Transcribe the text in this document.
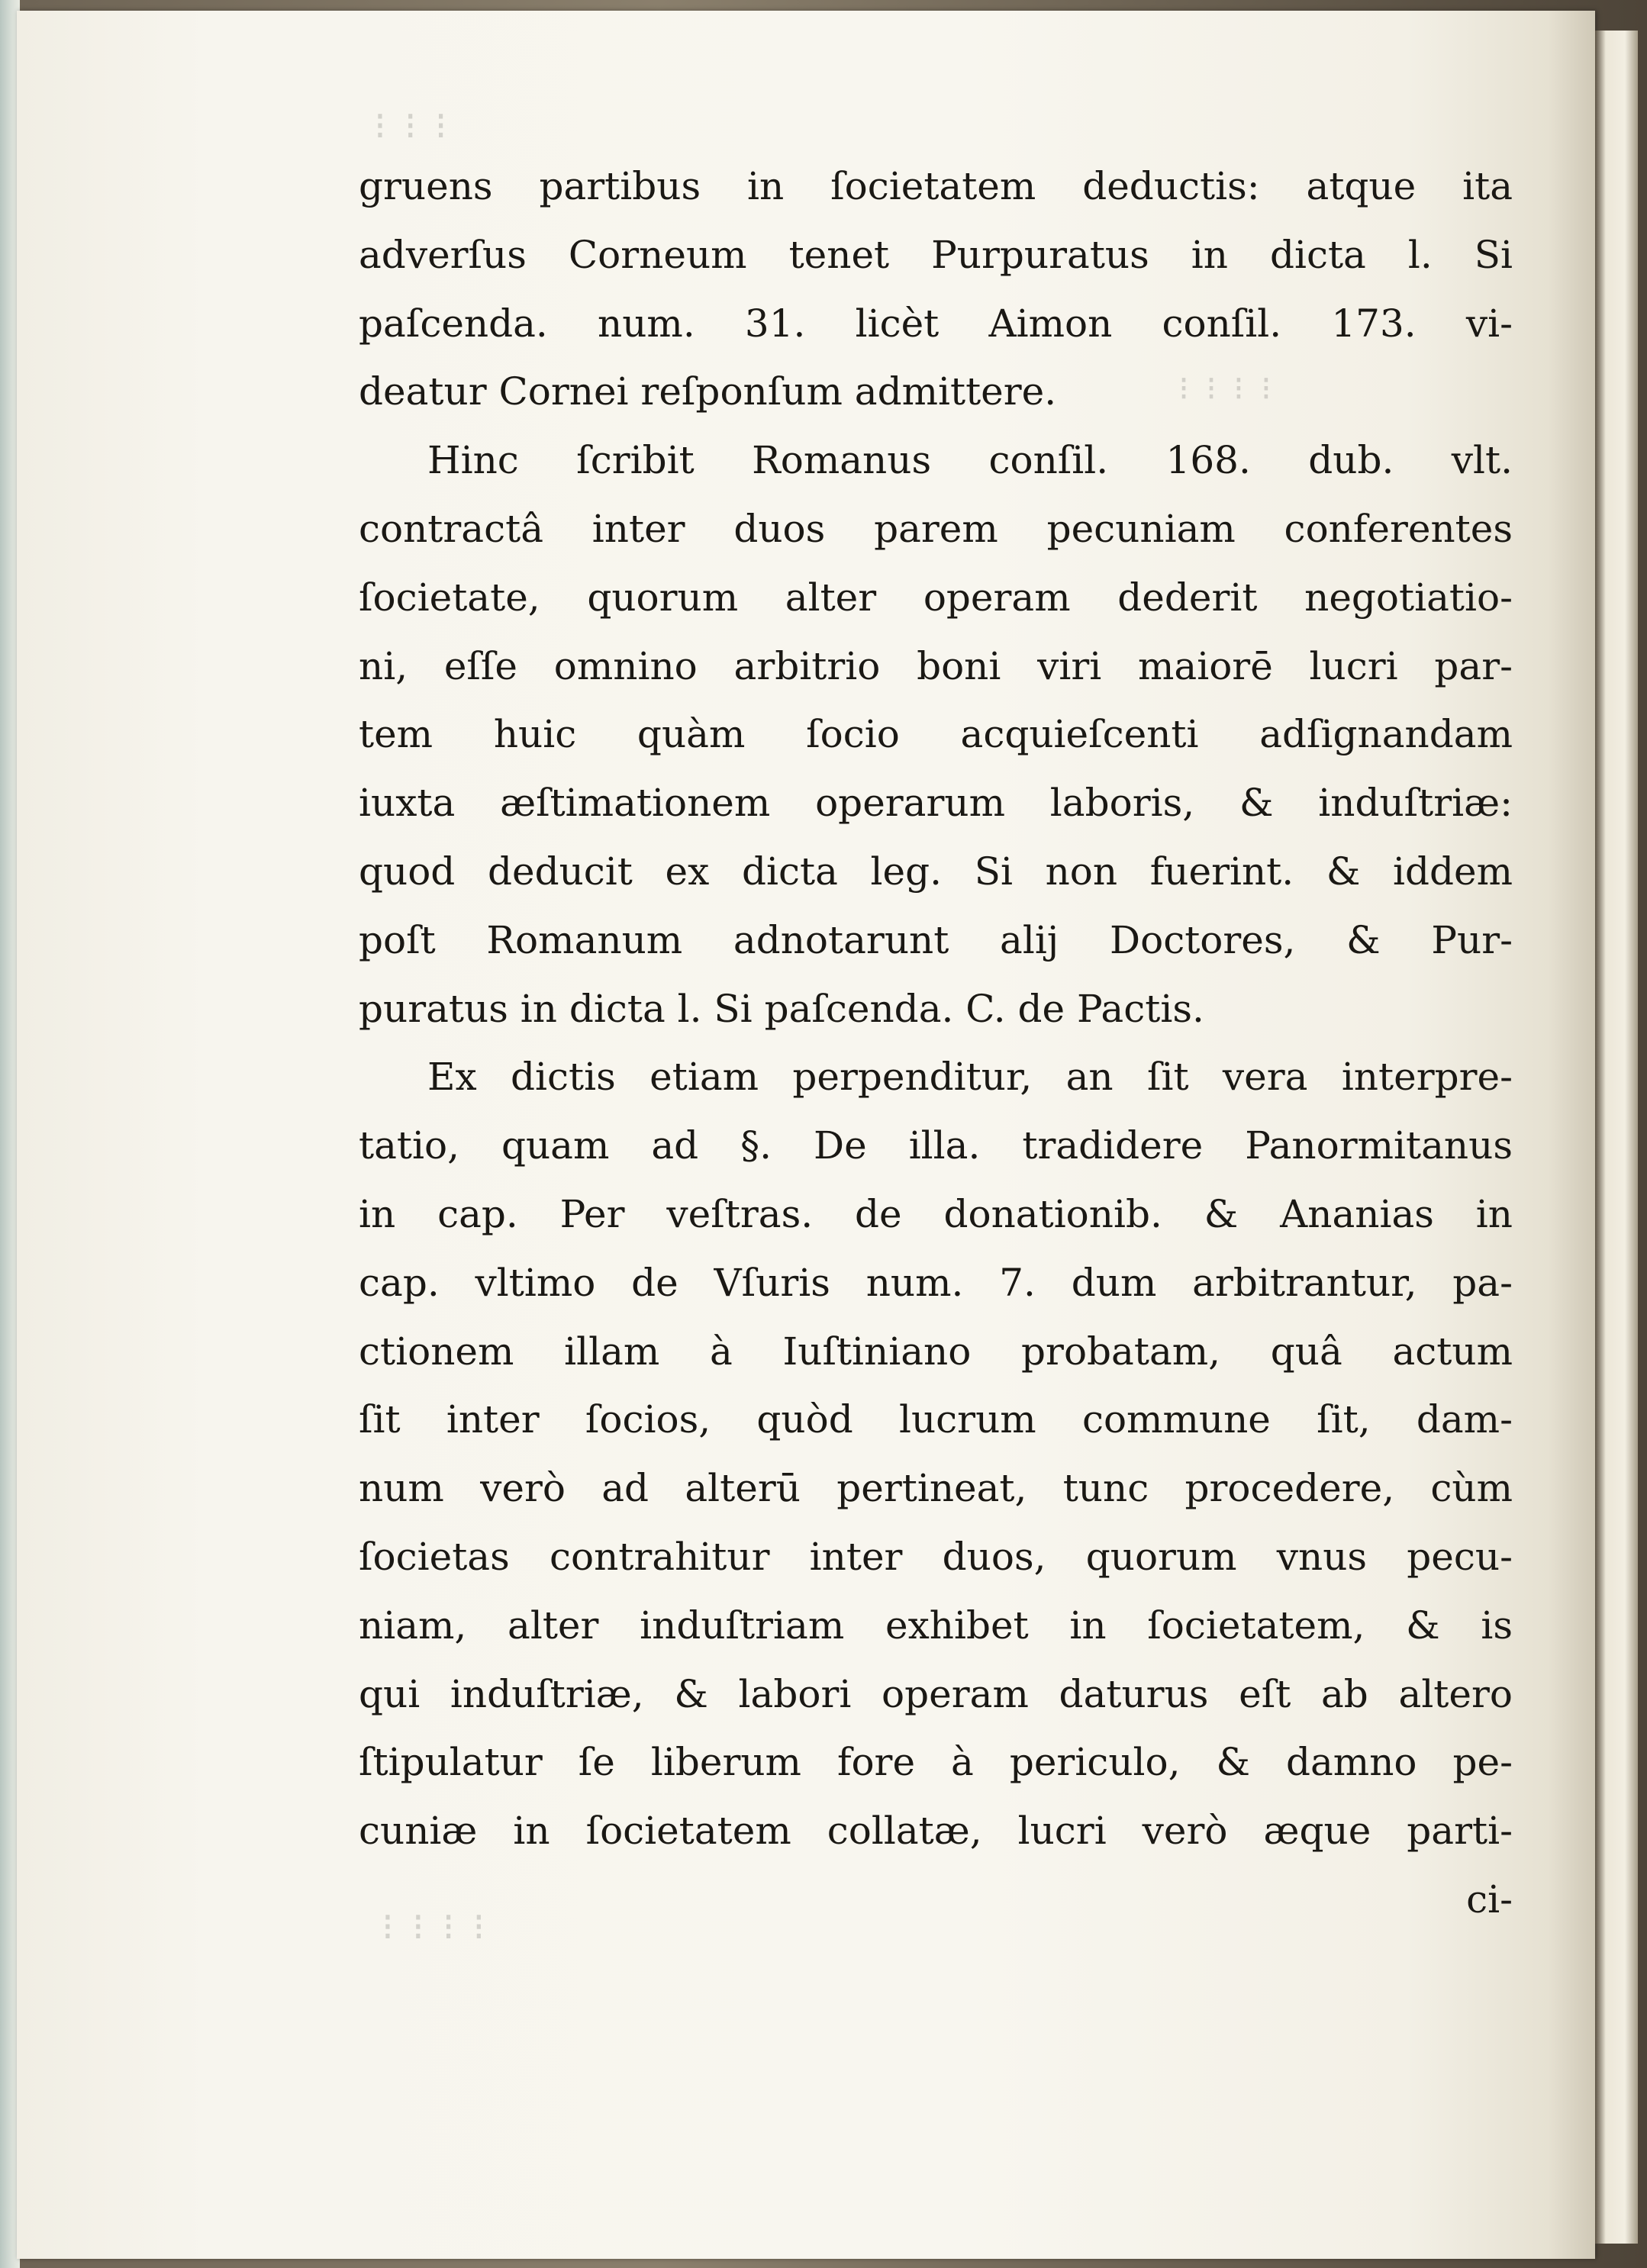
⁝ ⁝ ⁝
⁝ ⁝ ⁝ ⁝
⁝ ⁝ ⁝ ⁝
gruens partibus in ſocietatem deductis: atque ita
adverſus Corneum tenet Purpuratus in dicta l. Si
paſcenda. num. 31. licèt Aimon conſil. 173. vi-
deatur Cornei reſponſum admittere.
Hinc ſcribit Romanus conſil. 168. dub. vlt.
contractâ inter duos parem pecuniam conferentes
ſocietate, quorum alter operam dederit negotiatio-
ni, eſſe omnino arbitrio boni viri maiorē lucri par-
tem huic quàm ſocio acquieſcenti adſignandam
iuxta æſtimationem operarum laboris, & induſtriæ:
quod deducit ex dicta leg. Si non fuerint. & iddem
poſt Romanum adnotarunt alij Doctores, & Pur-
puratus in dicta l. Si paſcenda. C. de Pactis.
Ex dictis etiam perpenditur, an ſit vera interpre-
tatio, quam ad §. De illa. tradidere Panormitanus
in cap. Per veſtras. de donationib. & Ananias in
cap. vltimo de Vſuris num. 7. dum arbitrantur, pa-
ctionem illam à Iuſtiniano probatam, quâ actum
ſit inter ſocios, quòd lucrum commune ſit, dam-
num verò ad alterū pertineat, tunc procedere, cùm
ſocietas contrahitur inter duos, quorum vnus pecu-
niam, alter induſtriam exhibet in ſocietatem, & is
qui induſtriæ, & labori operam daturus eſt ab altero
ſtipulatur ſe liberum fore à periculo, & damno pe-
cuniæ in ſocietatem collatæ, lucri verò æque parti-
ci-
